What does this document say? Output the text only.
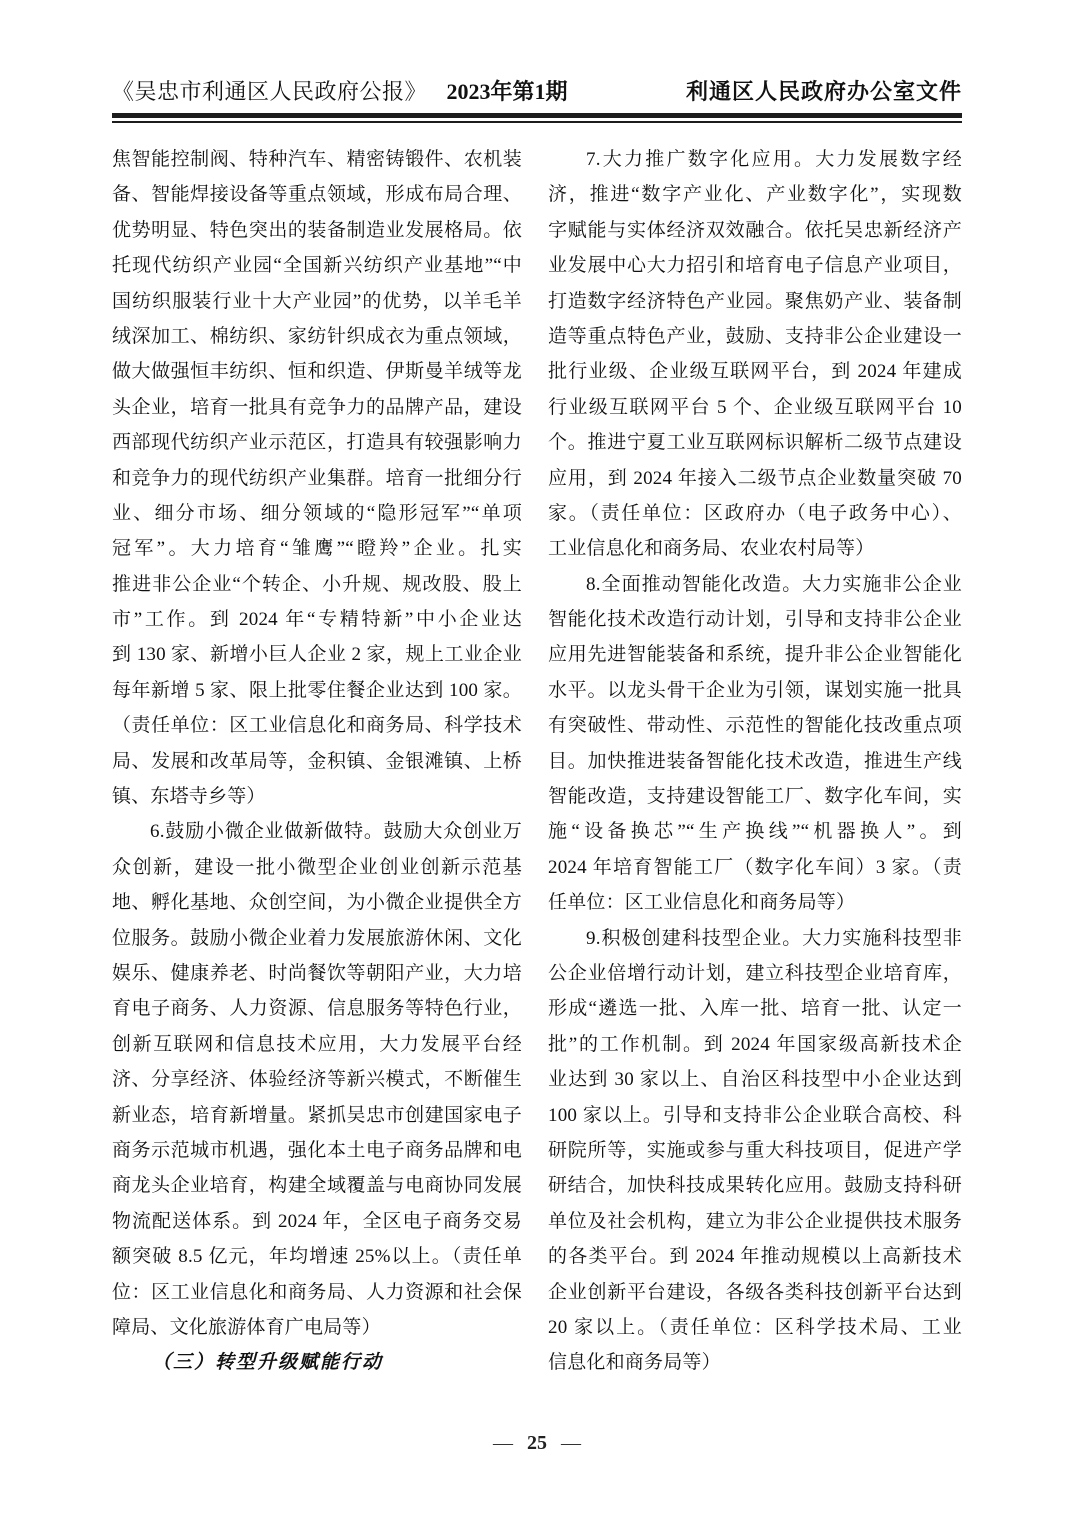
《吴忠市利通区人民政府公报》 2023年第1期	利通区人民政府办公室文件
焦智能控制阀、特种汽车、精密铸锻件、农机装
备、智能焊接设备等重点领域，形成布局合理、
优势明显、特色突出的装备制造业发展格局。依
托现代纺织产业园“全国新兴纺织产业基地”“中
国纺织服装行业十大产业园”的优势，以羊毛羊
绒深加工、棉纺织、家纺针织成衣为重点领域，
做大做强恒丰纺织、恒和织造、伊斯曼羊绒等龙
头企业，培育一批具有竞争力的品牌产品，建设
西部现代纺织产业示范区，打造具有较强影响力
和竞争力的现代纺织产业集群。培育一批细分行
业、细分市场、细分领域的“隐形冠军”“单项
冠军”。大力培育“雏鹰”“瞪羚”企业。扎实
推进非公企业“个转企、小升规、规改股、股上
市”工作。到 2024 年“专精特新”中小企业达
到 130 家、新增小巨人企业 2 家，规上工业企业
每年新增 5 家、限上批零住餐企业达到 100 家。
（责任单位：区工业信息化和商务局、科学技术
局、发展和改革局等，金积镇、金银滩镇、上桥
镇、东塔寺乡等）
6.鼓励小微企业做新做特。鼓励大众创业万
众创新，建设一批小微型企业创业创新示范基
地、孵化基地、众创空间，为小微企业提供全方
位服务。鼓励小微企业着力发展旅游休闲、文化
娱乐、健康养老、时尚餐饮等朝阳产业，大力培
育电子商务、人力资源、信息服务等特色行业，
创新互联网和信息技术应用，大力发展平台经
济、分享经济、体验经济等新兴模式，不断催生
新业态，培育新增量。紧抓吴忠市创建国家电子
商务示范城市机遇，强化本土电子商务品牌和电
商龙头企业培育，构建全域覆盖与电商协同发展
物流配送体系。到 2024 年，全区电子商务交易
额突破 8.5 亿元，年均增速 25%以上。（责任单
位：区工业信息化和商务局、人力资源和社会保
障局、文化旅游体育广电局等）
（三）转型升级赋能行动
7.大力推广数字化应用。大力发展数字经
济，推进“数字产业化、产业数字化”，实现数
字赋能与实体经济双效融合。依托吴忠新经济产
业发展中心大力招引和培育电子信息产业项目，
打造数字经济特色产业园。聚焦奶产业、装备制
造等重点特色产业，鼓励、支持非公企业建设一
批行业级、企业级互联网平台，到 2024 年建成
行业级互联网平台 5 个、企业级互联网平台 10
个。推进宁夏工业互联网标识解析二级节点建设
应用，到 2024 年接入二级节点企业数量突破 70
家。（责任单位：区政府办（电子政务中心）、
工业信息化和商务局、农业农村局等）
8.全面推动智能化改造。大力实施非公企业
智能化技术改造行动计划，引导和支持非公企业
应用先进智能装备和系统，提升非公企业智能化
水平。以龙头骨干企业为引领，谋划实施一批具
有突破性、带动性、示范性的智能化技改重点项
目。加快推进装备智能化技术改造，推进生产线
智能改造，支持建设智能工厂、数字化车间，实
施“设备换芯”“生产换线”“机器换人”。到
2024 年培育智能工厂（数字化车间）3 家。（责
任单位：区工业信息化和商务局等）
9.积极创建科技型企业。大力实施科技型非
公企业倍增行动计划，建立科技型企业培育库，
形成“遴选一批、入库一批、培育一批、认定一
批”的工作机制。到 2024 年国家级高新技术企
业达到 30 家以上、自治区科技型中小企业达到
100 家以上。引导和支持非公企业联合高校、科
研院所等，实施或参与重大科技项目，促进产学
研结合，加快科技成果转化应用。鼓励支持科研
单位及社会机构，建立为非公企业提供技术服务
的各类平台。到 2024 年推动规模以上高新技术
企业创新平台建设，各级各类科技创新平台达到
20 家以上。（责任单位：区科学技术局、工业
信息化和商务局等）
— 25 —
